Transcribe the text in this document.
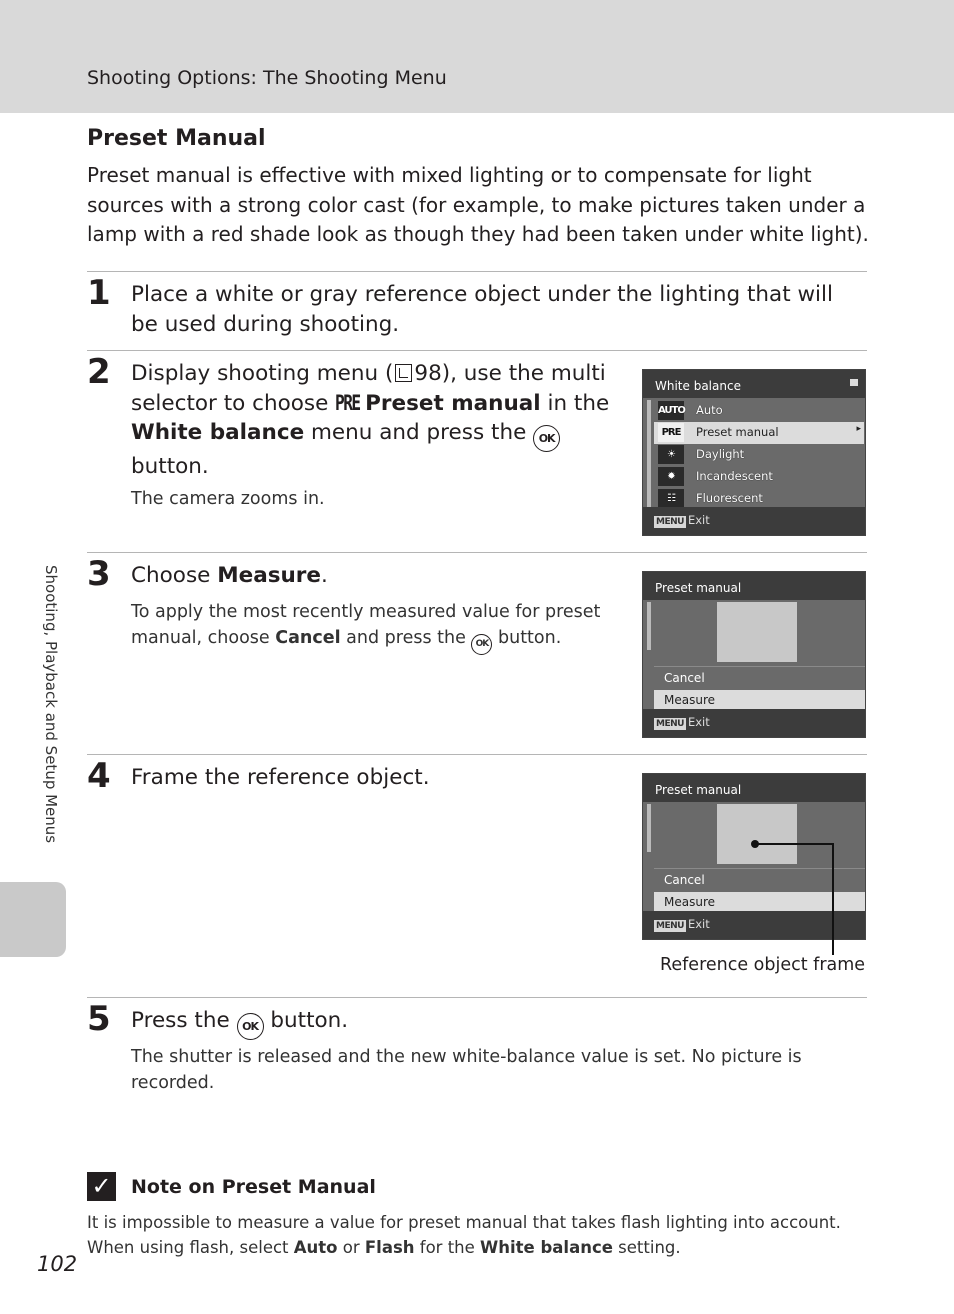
Shooting Options: The Shooting Menu
Preset Manual
Preset manual is effective with mixed lighting or to compensate for light sources with a strong color cast (for example, to make pictures taken under a lamp with a red shade look as though they had been taken under white light).
1 Place a white or gray reference object under the lighting that will be used during shooting.
2 Display shooting menu ( 98), use the multi selector to choose PRE Preset manual in the White balance menu and press the OK button.
The camera zooms in.
White balance
AUTO Auto
PRE	Preset manual	▸
☀	Daylight
✹	Incandescent
☷	Fluorescent
MENU Exit
3 Choose Measure.
To apply the most recently measured value for preset manual, choose Cancel and press the OK button.
Preset manual
Cancel
Measure
MENU Exit
4 Frame the reference object.	Preset manual
Cancel
Measure
MENU Exit
Reference object frame
5 Press the OK button.
The shutter is released and the new white-balance value is set. No picture is recorded.
Shooting, Playback and Setup Menus
✓ Note on Preset Manual
It is impossible to measure a value for preset manual that takes flash lighting into account. When using flash, select Auto or Flash for the White balance setting.
102
